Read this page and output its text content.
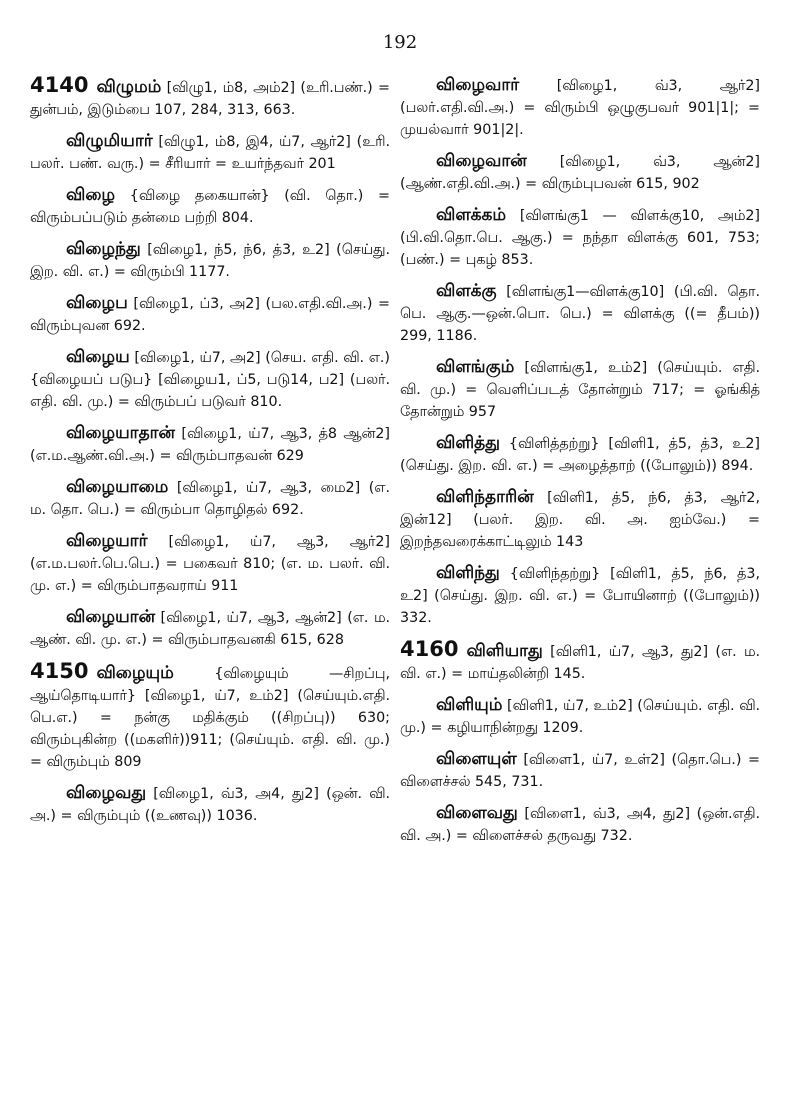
192

4140 விழுமம் [விழு1, ம்8, அம்2] (உரி.பண்.) = துன்பம், இடும்பை 107, 284, 313, 663.

விழுமியார் [விழு1, ம்8, இ4, ய்7, ஆர்2] (உரி. பலர். பண். வரு.) = சீரியார் = உயர்ந்தவர் 201

விழை {விழை தகையான்} (வி. தொ.) = விரும்பப்படும் தன்மை பற்றி 804.

விழைந்து [விழை1, ந்5, ந்6, த்3, உ2] (செய்து. இற. வி. எ.) = விரும்பி 1177.

விழைப [விழை1, ப்3, அ2] (பல.எதி.வி.அ.) = விரும்புவன 692.

விழைய [விழை1, ய்7, அ2] (செய. எதி. வி. எ.) {விழையப் படுப} [விழைய1, ப்5, படு14, ப2] (பலர். எதி. வி. மு.) = விரும்பப் படுவர் 810.

விழையாதான் [விழை1, ய்7, ஆ3, த்8 ஆன்2] (எ.ம.ஆண்.வி.அ.) = விரும்பாதவன் 629

விழையாமை [விழை1, ய்7, ஆ3, மை2] (எ. ம. தொ. பெ.) = விரும்பா தொழிதல் 692.

விழையார் [விழை1, ய்7, ஆ3, ஆர்2] (எ.ம.பலர்.பெ.பெ.) = பகைவர் 810; (எ. ம. பலர். வி. மு. எ.) = விரும்பாதவராய் 911

விழையான் [விழை1, ய்7, ஆ3, ஆன்2] (எ. ம. ஆண். வி. மு. எ.) = விரும்பாதவனகி 615, 628

4150 விழையும்	{விழையும் —சிறப்பு, ஆய்தொடியார்} [விழை1, ய்7, உம்2] (செய்யும்.எதி. பெ.எ.) = நன்கு மதிக்கும் ((சிறப்பு)) 630; விரும்புகின்ற ((மகளிர்))911; (செய்யும். எதி. வி. மு.) = விரும்பும் 809

விழைவது [விழை1, வ்3, அ4, து2] (ஒன். வி. அ.) = விரும்பும் ((உணவு)) 1036.

விழைவார்	[விழை1, வ்3, ஆர்2] (பலர்.எதி.வி.அ.) = விரும்பி ஒழுகுபவர் 901|1|; = முயல்வார் 901|2|.

விழைவான் [விழை1, வ்3, ஆன்2] (ஆண்.எதி.வி.அ.) = விரும்புபவன் 615, 902

விளக்கம் [விளங்கு1 — விளக்கு10, அம்2] (பி.வி.தொ.பெ. ஆகு.) = நந்தா விளக்கு 601, 753; (பண்.) = புகழ் 853.

விளக்கு [விளங்கு1—விளக்கு10] (பி.வி. தொ. பெ. ஆகு.—ஒன்.பொ. பெ.) = விளக்கு ((= தீபம்)) 299, 1186.

விளங்கும் [விளங்கு1, உம்2] (செய்யும். எதி. வி. மு.) = வெளிப்படத் தோன்றும் 717; = ஓங்கித் தோன்றும் 957

விளித்து {விளித்தற்று} [விளி1, த்5, த்3, உ2] (செய்து. இற. வி. எ.) = அழைத்தாற் ((போலும்)) 894.

விளிந்தாரின் [விளி1, த்5, ந்6, த்3, ஆர்2, இன்12] (பலர். இற. வி. அ. ஐம்வே.) = இறந்தவரைக்காட்டிலும் 143

விளிந்து {விளிந்தற்று} [விளி1, த்5, ந்6, த்3, உ2] (செய்து. இற. வி. எ.) = போயினாற் ((போலும்)) 332.

4160 விளியாது [விளி1, ய்7, ஆ3, து2] (எ. ம. வி. எ.) = மாய்தலின்றி 145.

விளியும் [விளி1, ய்7, உம்2] (செய்யும். எதி. வி. மு.) = கழியாநின்றது 1209.

விளையுள் [விளை1, ய்7, உள்2] (தொ.பெ.) = விளைச்சல் 545, 731.

விளைவது [விளை1, வ்3, அ4, து2] (ஒன்.எதி. வி. அ.) = விளைச்சல் தருவது 732.
